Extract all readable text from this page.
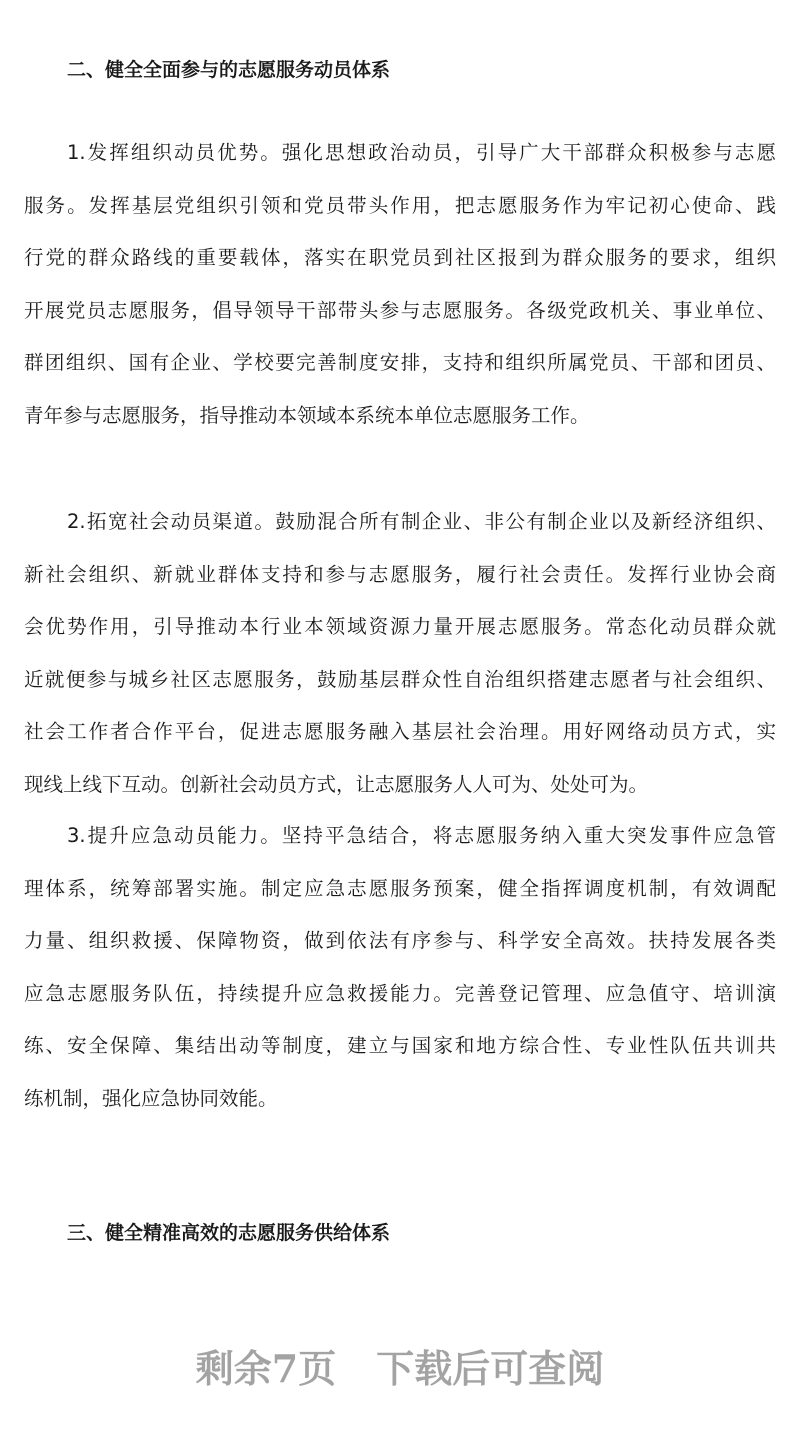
二、健全全面参与的志愿服务动员体系
1.发挥组织动员优势。强化思想政治动员，引导广大干部群众积极参与志愿
服务。发挥基层党组织引领和党员带头作用，把志愿服务作为牢记初心使命、践
行党的群众路线的重要载体，落实在职党员到社区报到为群众服务的要求，组织
开展党员志愿服务，倡导领导干部带头参与志愿服务。各级党政机关、事业单位、
群团组织、国有企业、学校要完善制度安排，支持和组织所属党员、干部和团员、
青年参与志愿服务，指导推动本领域本系统本单位志愿服务工作。
2.拓宽社会动员渠道。鼓励混合所有制企业、非公有制企业以及新经济组织、
新社会组织、新就业群体支持和参与志愿服务，履行社会责任。发挥行业协会商
会优势作用，引导推动本行业本领域资源力量开展志愿服务。常态化动员群众就
近就便参与城乡社区志愿服务，鼓励基层群众性自治组织搭建志愿者与社会组织、
社会工作者合作平台，促进志愿服务融入基层社会治理。用好网络动员方式，实
现线上线下互动。创新社会动员方式，让志愿服务人人可为、处处可为。
3.提升应急动员能力。坚持平急结合，将志愿服务纳入重大突发事件应急管
理体系，统筹部署实施。制定应急志愿服务预案，健全指挥调度机制，有效调配
力量、组织救援、保障物资，做到依法有序参与、科学安全高效。扶持发展各类
应急志愿服务队伍，持续提升应急救援能力。完善登记管理、应急值守、培训演
练、安全保障、集结出动等制度，建立与国家和地方综合性、专业性队伍共训共
练机制，强化应急协同效能。
三、健全精准高效的志愿服务供给体系
剩余7页 下载后可查阅
